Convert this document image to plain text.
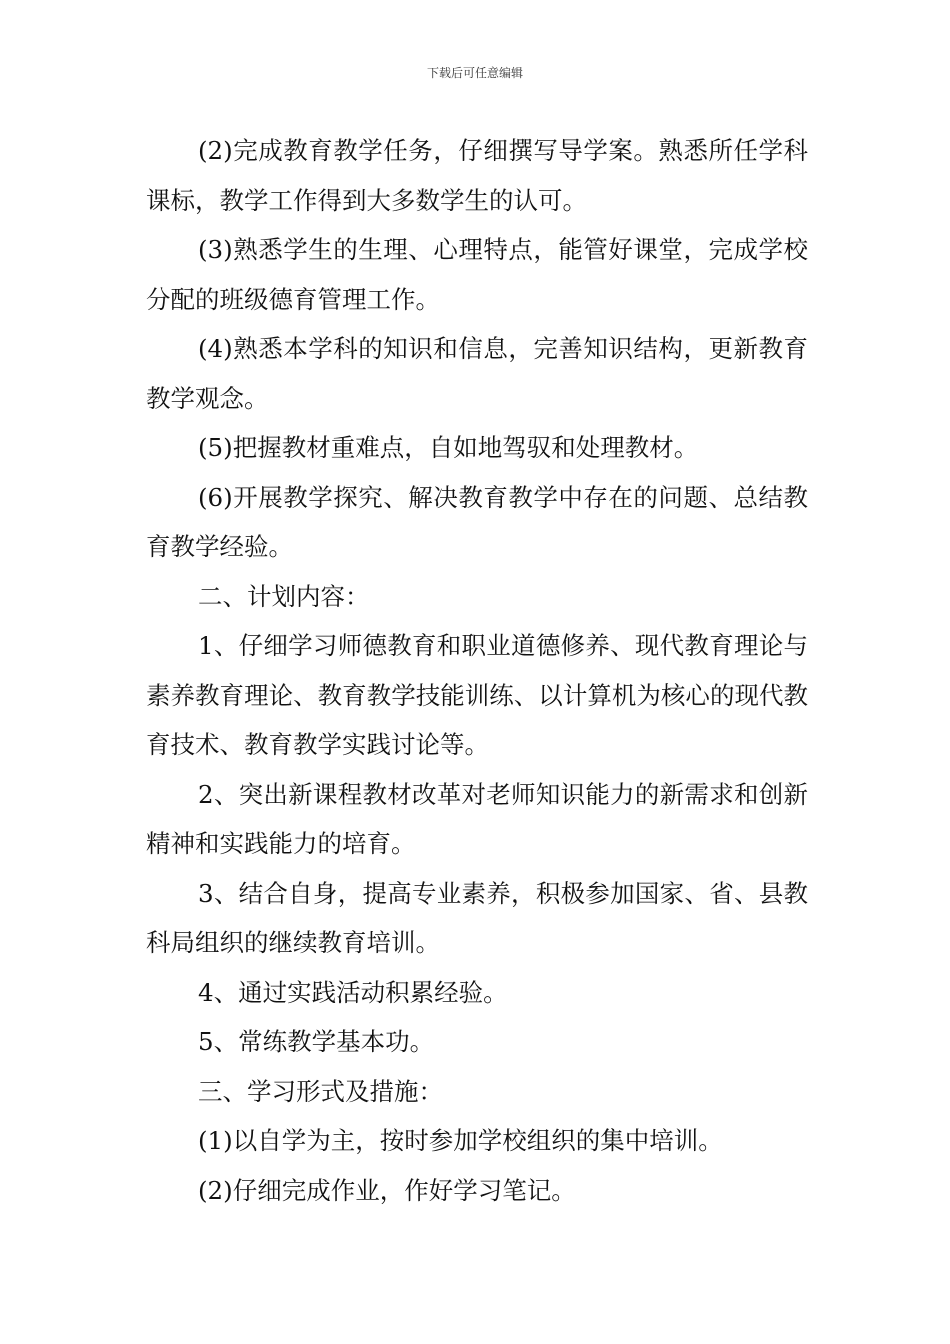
下载后可任意编辑

(2)完成教育教学任务，仔细撰写导学案。熟悉所任学科课标，教学工作得到大多数学生的认可。

(3)熟悉学生的生理、心理特点，能管好课堂，完成学校分配的班级德育管理工作。

(4)熟悉本学科的知识和信息，完善知识结构，更新教育教学观念。

(5)把握教材重难点，自如地驾驭和处理教材。

(6)开展教学探究、解决教育教学中存在的问题、总结教育教学经验。

二、计划内容：

1、仔细学习师德教育和职业道德修养、现代教育理论与素养教育理论、教育教学技能训练、以计算机为核心的现代教育技术、教育教学实践讨论等。

2、突出新课程教材改革对老师知识能力的新需求和创新精神和实践能力的培育。

3、结合自身，提高专业素养，积极参加国家、省、县教科局组织的继续教育培训。

4、通过实践活动积累经验。

5、常练教学基本功。

三、学习形式及措施：

(1)以自学为主，按时参加学校组织的集中培训。

(2)仔细完成作业，作好学习笔记。
